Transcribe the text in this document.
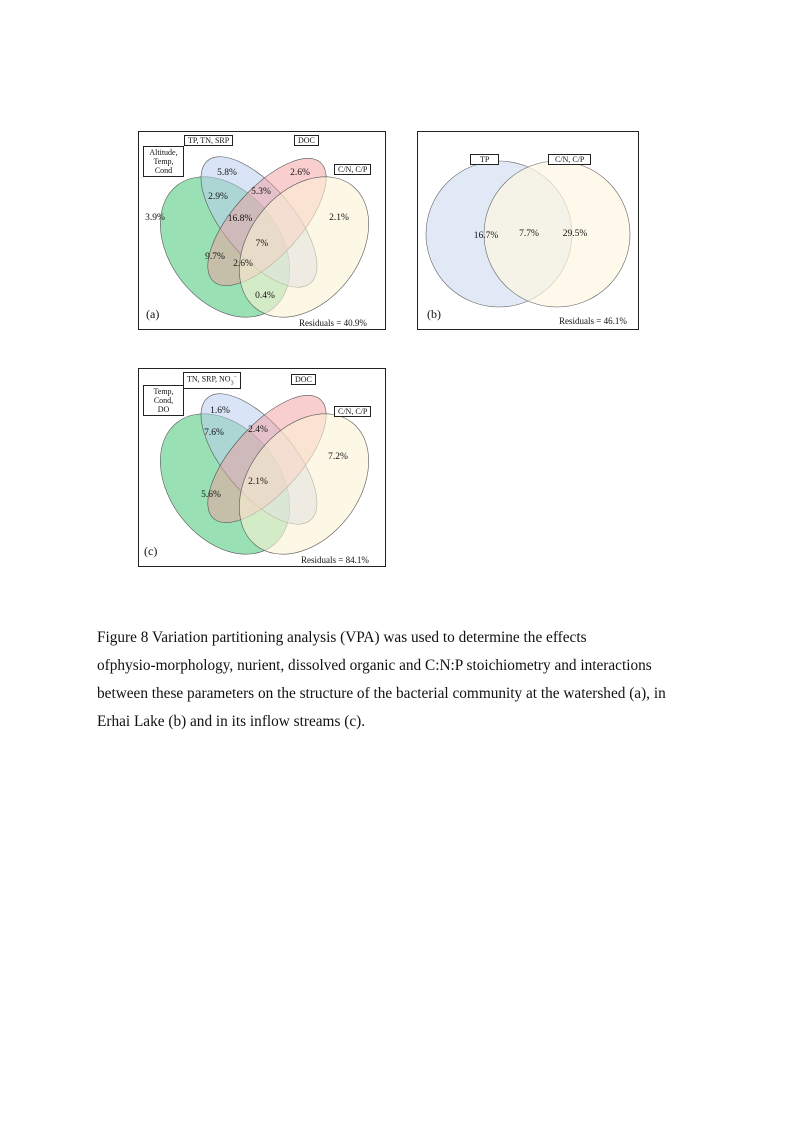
TP, TN, SRP	DOC
C/N, C/P
Altitude,
Temp,
Cond	5.8%	2.6%
2.9% 5.3%
3.9%	16.8%	2.1%
7%
9.7%
2.6%
0.4%
(a)
Residuals = 40.9%
TP	C/N, C/P
16.7% 7.7%	29.5%
(b)	Residuals = 46.1%
TN, SRP, $NO_3^-$	DOC
C/N, C/P
Temp,
Cond,
DO	1.6%
7.6%	2.4%
7.2%
2.1%
5.6%
(c)
Residuals = 84.1%

Figure 8 Variation partitioning analysis (VPA) was used to determine the effects

ofphysio-morphology, nurient, dissolved organic and C:N:P stoichiometry and interactions

between these parameters on the structure of the bacterial community at the watershed (a), in

Erhai Lake (b) and in its inflow streams (c).
